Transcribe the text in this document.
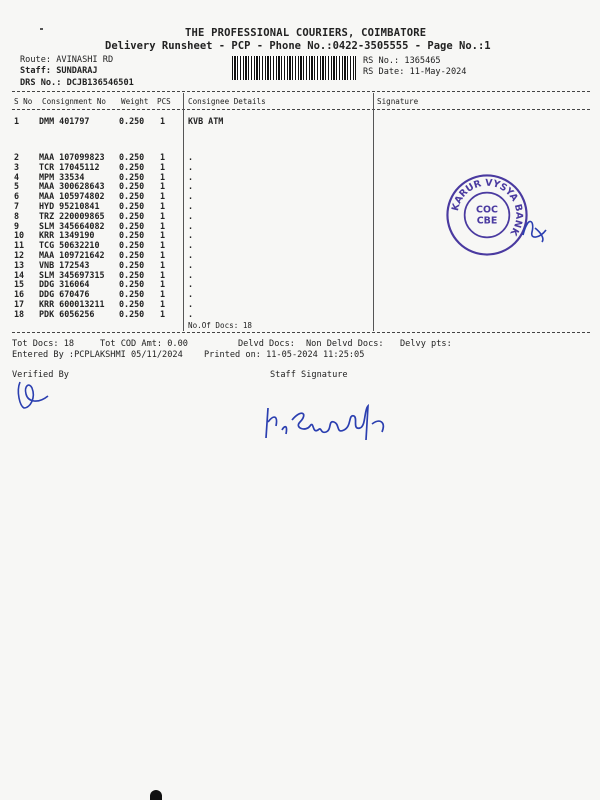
THE PROFESSIONAL COURIERS, COIMBATORE
Delivery Runsheet - PCP - Phone No.:0422-3505555 - Page No.:1
Route: AVINASHI RD
Staff: SUNDARAJ
DRS No.: DCJB136546501
RS No.: 1365465
RS Date: 11-May-2024
S No Consignment No Weight PCS Consignee Details	Signature
1 DMM 401797	0.250 1	KVB ATM
2 MAA 107099823 0.250 1	.
3 TCR 17045112 0.250 1	.
4 MPM 33534	0.250 1	.
5 MAA 300628643 0.250 1	.
6 MAA 105974802 0.250 1	.
7 HYD 95210841 0.250 1	.
8 TRZ 220009865 0.250 1	.
9 SLM 345664082 0.250 1	.
10 KRR 1349190	0.250 1	.
11 TCG 50632210 0.250 1	.
12 MAA 109721642 0.250 1	.
13 VNB 172543	0.250 1	.
14 SLM 345697315 0.250 1	.
15 DDG 316064	0.250 1	.
16 DDG 670476	0.250 1	.
17 KRR 600013211 0.250 1	.
18 PDK 6056256	0.250 1	.
No.Of Docs: 18
Tot Docs: 18	Tot COD Amt: 0.00	Delvd Docs: Non Delvd Docs: Delvy pts:
Entered By :PCPLAKSHMI 05/11/2024 Printed on: 11-05-2024 11:25:05
Verified By	Staff Signature
KARUR VYSYA BANK
COC
CBE
